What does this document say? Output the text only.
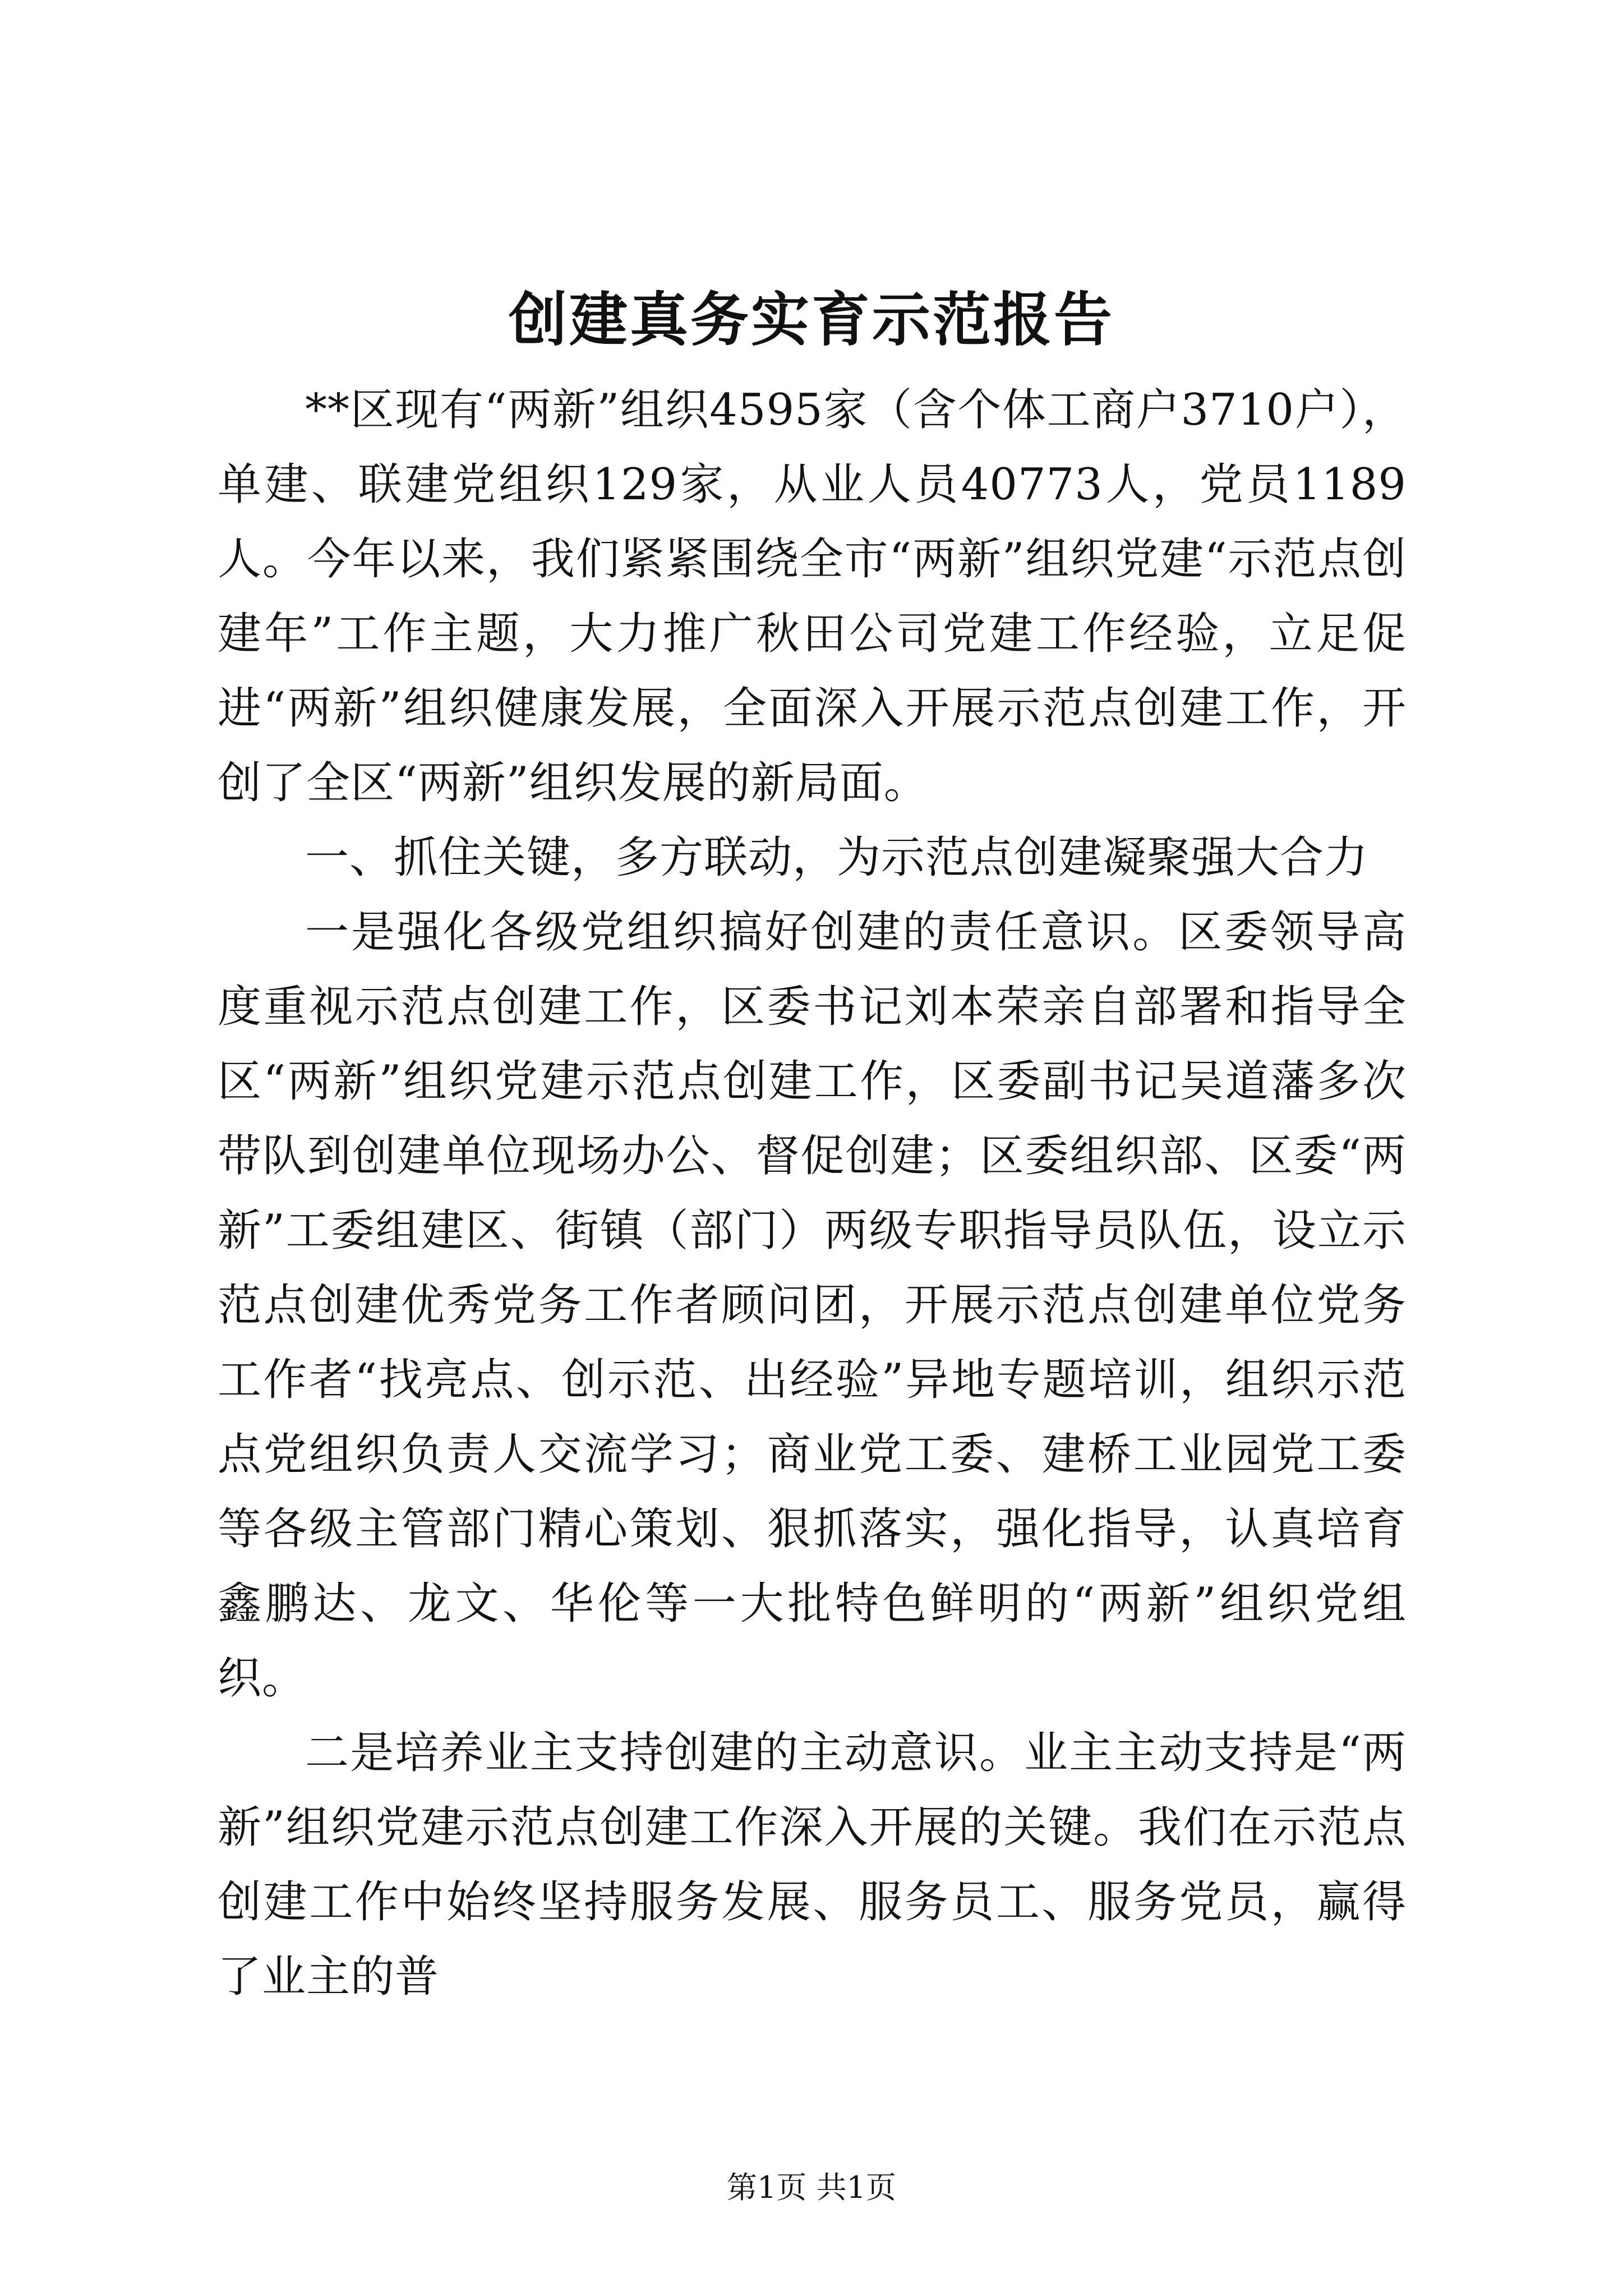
创建真务实育示范报告

**区现有“两新”组织4595家（含个体工商户3710户），单建、联建党组织129家，从业人员40773人，党员1189人。今年以来，我们紧紧围绕全市“两新”组织党建“示范点创建年”工作主题，大力推广秋田公司党建工作经验，立足促进“两新”组织健康发展，全面深入开展示范点创建工作，开创了全区“两新”组织发展的新局面。

一、抓住关键，多方联动，为示范点创建凝聚强大合力

一是强化各级党组织搞好创建的责任意识。区委领导高度重视示范点创建工作，区委书记刘本荣亲自部署和指导全区“两新”组织党建示范点创建工作，区委副书记吴道藩多次带队到创建单位现场办公、督促创建；区委组织部、区委“两新”工委组建区、街镇（部门）两级专职指导员队伍，设立示范点创建优秀党务工作者顾问团，开展示范点创建单位党务工作者“找亮点、创示范、出经验”异地专题培训，组织示范点党组织负责人交流学习；商业党工委、建桥工业园党工委等各级主管部门精心策划、狠抓落实，强化指导，认真培育鑫鹏达、龙文、华伦等一大批特色鲜明的“两新”组织党组织。

二是培养业主支持创建的主动意识。业主主动支持是“两新”组织党建示范点创建工作深入开展的关键。我们在示范点创建工作中始终坚持服务发展、服务员工、服务党员，赢得了业主的普

第1页 共1页
